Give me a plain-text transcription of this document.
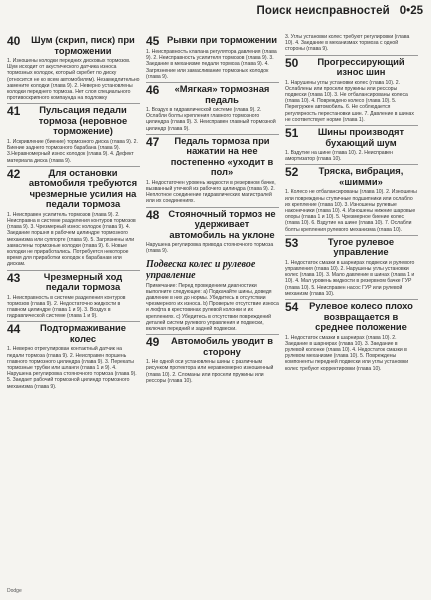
Поиск неисправностей 0•25
40	Шум (скрип, писк) при торможении
1. Изношены колодки передних дисковых тормозов. Шум исходит от акустического датчика износа тормозных колодок, который скребет по диску (относится не ко всем автомобилям). Незамедлительно замените колодки (глава 9). 2. Неверно установлены колодки переднего тормоза. Нет слоя специального противоскрипного компаунда на подложку
41	Пульсация педали тормоза (неровное торможение)
1. Искривление (биение) тормозного диска (глава 9). 2. Биение заднего тормозного барабана (глава 9). 3.Неравномерный износ колодок (глава 9). 4. Дефект материала диска (глава 9).
42	Для остановки автомобиля требуются чрезмерные усилия на педали тормоза
1. Неисправен усилитель тормозов (глава 9). 2. Неисправна в системе разделения контуров тормозов (глава 9). 3. Чрезмерный износ колодок (глава 9). 4. Заедание поршня в рабочем цилиндре тормозного механизма или суппорте (глава 9). 5. Загрязнены или замаслены тормозные колодки (глава 9). 6. Новые колодки не приработались. Потребуется некоторое время для приработки колодок к барабанам или дискам.
43	Чрезмерный ход педали тормоза
1. Неисправность в системе разделения контуров тормозов (глава 9). 2. Недостаточно жидкости в главном цилиндре (глава 1 и 9). 3. Воздух в гидравлической системе (глава 1 и 9).
44	Подтормаживание колес
1. Неверно отрегулирован контактный датчик на педали тормоза (глава 9). 2. Неисправен поршень главного тормозного цилиндра (глава 9). 3. Перекаты тормозные трубки или шланги (глава 1 и 9). 4. Нарушена регулировка стояночного тормоза (глава 9). 5. Заедает рабочий тормозной цилиндр тормозного механизма (глава 9).
45 Рывки при торможении
1. Неисправность клапана регулятора давления (глава 9). 2. Неисправность усилителя тормозов (глава 9). 3. Заедание в механизме педали тормоза (глава 9). 4. Загрязнение или замасливание тормозных колодок (глава 9).
46	«Мягкая» тормозная педаль
1. Воздух в гидравлической системе (глава 9). 2. Ослабли болты крепления главного тормозного цилиндра (глава 9). 3. Неисправен главный тормозной цилиндр (глава 9).
47	Педаль тормоза при нажатии на нее постепенно «уходит в пол»
1. Недостаточен уровень жидкости в резервном бачке, вызванный утечкой из рабочего цилиндра (глава 9). 2. Неплотное соединение гидравлических магистралей или их соединениях.
48 Стояночный тормоз не удерживает автомобиль на уклоне
Нарушена регулировка привода стояночного тормоза (глава 9).
Подвеска колес и рулевое управление
Примечание: Перед проведением диагностики выполните следующее: a) Подкачайте шины, доведя давление в них до нормы. Убедитесь в отсутствии чрезмерного их износа. b) Проверьте отсутствие износа и люфта в крестовинах рулевой колонки и их креплениях. c) Убедитесь в отсутствии повреждений деталей систем рулевого управления и подвески, включая передний и задней подвески.
49	Автомобиль уводит в сторону
1. Не одной оси установлены шины с различным рисунком протектора или неравномерно изношенный (глава 10). 2. Сломаны или просели пружины или рессоры (глава 10).
3. Углы установки колес требуют регулировки (глава 10). 4. Заедание в механизмах тормоза с одной стороны (глава 9).
50	Прогрессирующий износ шин
1. Нарушены углы установки колес (глава 10). 2. Ослаблены или просели пружины или рессоры подвески (глава 10). 3. Не отбалансированы колеса (глава 10). 4. Повреждено колесо (глава 10). 5. Перегружен автомобиль. 6. Не соблюдается регулярность перестановки шин. 7. Давление в шинах не соответствует норме (глава 1).
51	Шины производят бухающий шум
1. Вздутие на шине (глава 10). 2. Неисправен амортизатор (глава 10).
52	Тряска, вибрация, «шимми»
1. Колесо не отбалансированы (глава 10). 2. Изношены или повреждены ступичные подшипники или ослабло их крепление (глава 10). 3. Изношены рулевые наконечники (глава 10). 4. Изношены нижние шаровые опоры (глава 1 и 10). 5. Чрезмерное биение колес (глава 10). 6. Вздутие на шине (глава 10). 7. Ослабли болты крепления рулевого механизма (глава 10).
53	Тугое рулевое управление
1. Недостаток смазки в шарнирах подвески и рулевого управления (глава 10). 2. Нарушены углы установки колес (глава 10). 3. Мало давление в шинах (глава 1 и 10). 4. Мал уровень жидкости в резервном бачке ГУР (глава 10). 5. Неисправен насос ГУР или рулевой механизм (глава 10).
54	Рулевое колесо плохо возвращается в среднее положение
1. Недостаток смазки в шарнирах (глава 10). 2. Заедание в шарнирах (глава 10). 3. Заедание в рулевой колонке (глава 10). 4. Недостаток смазки в рулевом механизме (глава 10). 5. Повреждены компоненты передней подвески или углы установки колес требуют корректировки (глава 10).
Dodge
